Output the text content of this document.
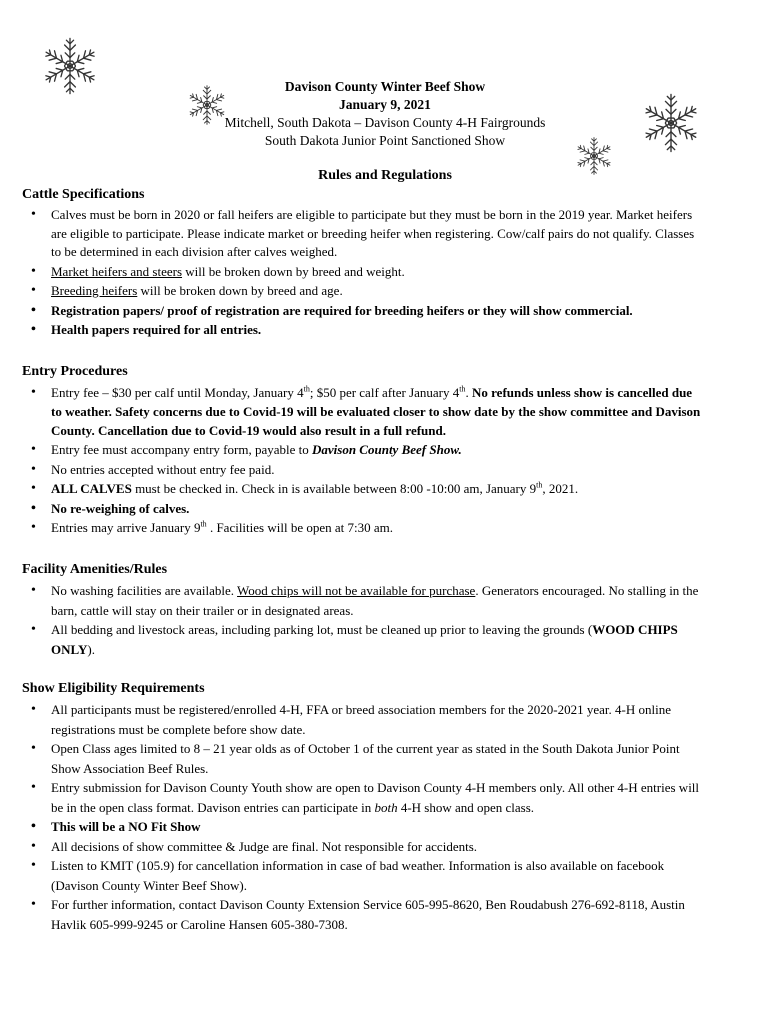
Davison County Winter Beef Show
January 9, 2021
Mitchell, South Dakota – Davison County 4-H Fairgrounds
South Dakota Junior Point Sanctioned Show
Rules and Regulations
Cattle Specifications
• Calves must be born in 2020 or fall heifers are eligible to participate but they must be born in the 2019 year. Market heifers are eligible to participate. Please indicate market or breeding heifer when registering. Cow/calf pairs do not qualify. Classes to be determined in each division after calves weighed.
• Market heifers and steers will be broken down by breed and weight.
• Breeding heifers will be broken down by breed and age.
• Registration papers/ proof of registration are required for breeding heifers or they will show commercial.
• Health papers required for all entries.
Entry Procedures
• Entry fee – $30 per calf until Monday, January 4th; $50 per calf after January 4th. No refunds unless show is cancelled due to weather. Safety concerns due to Covid-19 will be evaluated closer to show date by the show committee and Davison County. Cancellation due to Covid-19 would also result in a full refund.
• Entry fee must accompany entry form, payable to Davison County Beef Show.
• No entries accepted without entry fee paid.
• ALL CALVES must be checked in. Check in is available between 8:00 -10:00 am, January 9th, 2021.
• No re-weighing of calves.
• Entries may arrive January 9th . Facilities will be open at 7:30 am.
Facility Amenities/Rules
• No washing facilities are available. Wood chips will not be available for purchase. Generators encouraged. No stalling in the barn, cattle will stay on their trailer or in designated areas.
• All bedding and livestock areas, including parking lot, must be cleaned up prior to leaving the grounds (WOOD CHIPS ONLY).
Show Eligibility Requirements
• All participants must be registered/enrolled 4-H, FFA or breed association members for the 2020-2021 year. 4-H online registrations must be complete before show date.
• Open Class ages limited to 8 – 21 year olds as of October 1 of the current year as stated in the South Dakota Junior Point Show Association Beef Rules.
• Entry submission for Davison County Youth show are open to Davison County 4-H members only. All other 4-H entries will be in the open class format. Davison entries can participate in both 4-H show and open class.
• This will be a NO Fit Show
• All decisions of show committee & Judge are final. Not responsible for accidents.
• Listen to KMIT (105.9) for cancellation information in case of bad weather. Information is also available on facebook (Davison County Winter Beef Show).
• For further information, contact Davison County Extension Service 605-995-8620, Ben Roudabush 276-692-8118, Austin Havlik 605-999-9245 or Caroline Hansen 605-380-7308.
